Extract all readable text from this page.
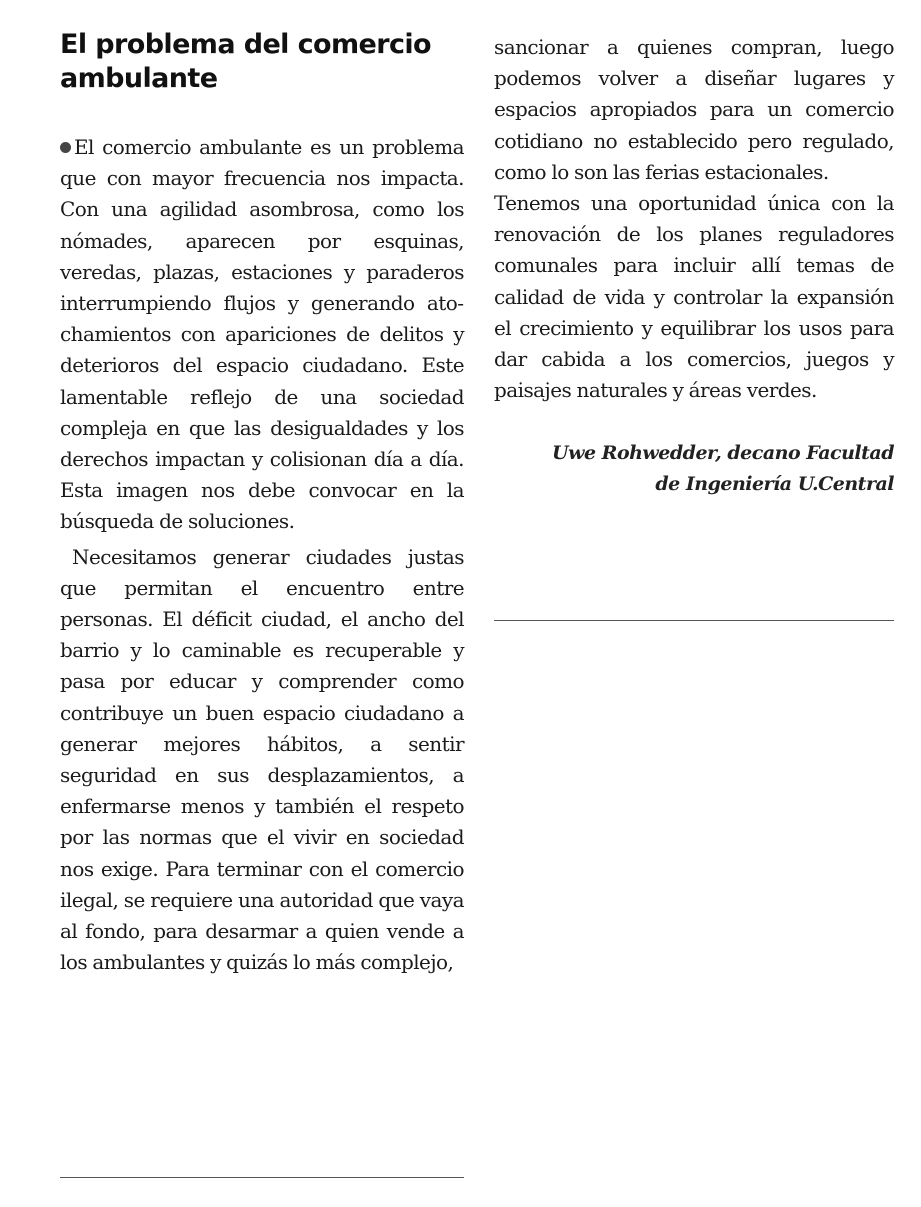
El problema del comercio ambulante

El comercio ambulante es un problema que con mayor frecuencia nos impacta. Con una agilidad asombrosa, como los nómades, aparecen por esquinas, veredas, plazas, estaciones y paraderos interrumpiendo flujos y generando atochamientos con apariciones de delitos y deterioros del espacio ciudadano. Este lamentable reflejo de una sociedad compleja en que las desigualdades y los derechos impactan y colisionan día a día. Esta imagen nos debe convocar en la búsqueda de soluciones.

Necesitamos generar ciudades justas que permitan el encuentro entre personas. El déficit ciudad, el ancho del barrio y lo caminable es recuperable y pasa por educar y comprender como contribuye un buen espacio ciudadano a generar mejores hábitos, a sentir seguridad en sus desplazamientos, a enfermarse menos y también el respeto por las normas que el vivir en sociedad nos exige. Para terminar con el comercio ilegal, se requiere una autoridad que vaya al fondo, para desarmar a quien vende a los ambulantes y quizás lo más complejo,

sancionar a quienes compran, luego podemos volver a diseñar lugares y espacios apropiados para un comercio cotidiano no establecido pero regulado, como lo son las ferias estacionales.

Tenemos una oportunidad única con la renovación de los planes reguladores comunales para incluir allí temas de calidad de vida y controlar la expansión el crecimiento y equilibrar los usos para dar cabida a los comercios, juegos y paisajes naturales y áreas verdes.

Uwe Rohwedder, decano Facultad
de Ingeniería U.Central
